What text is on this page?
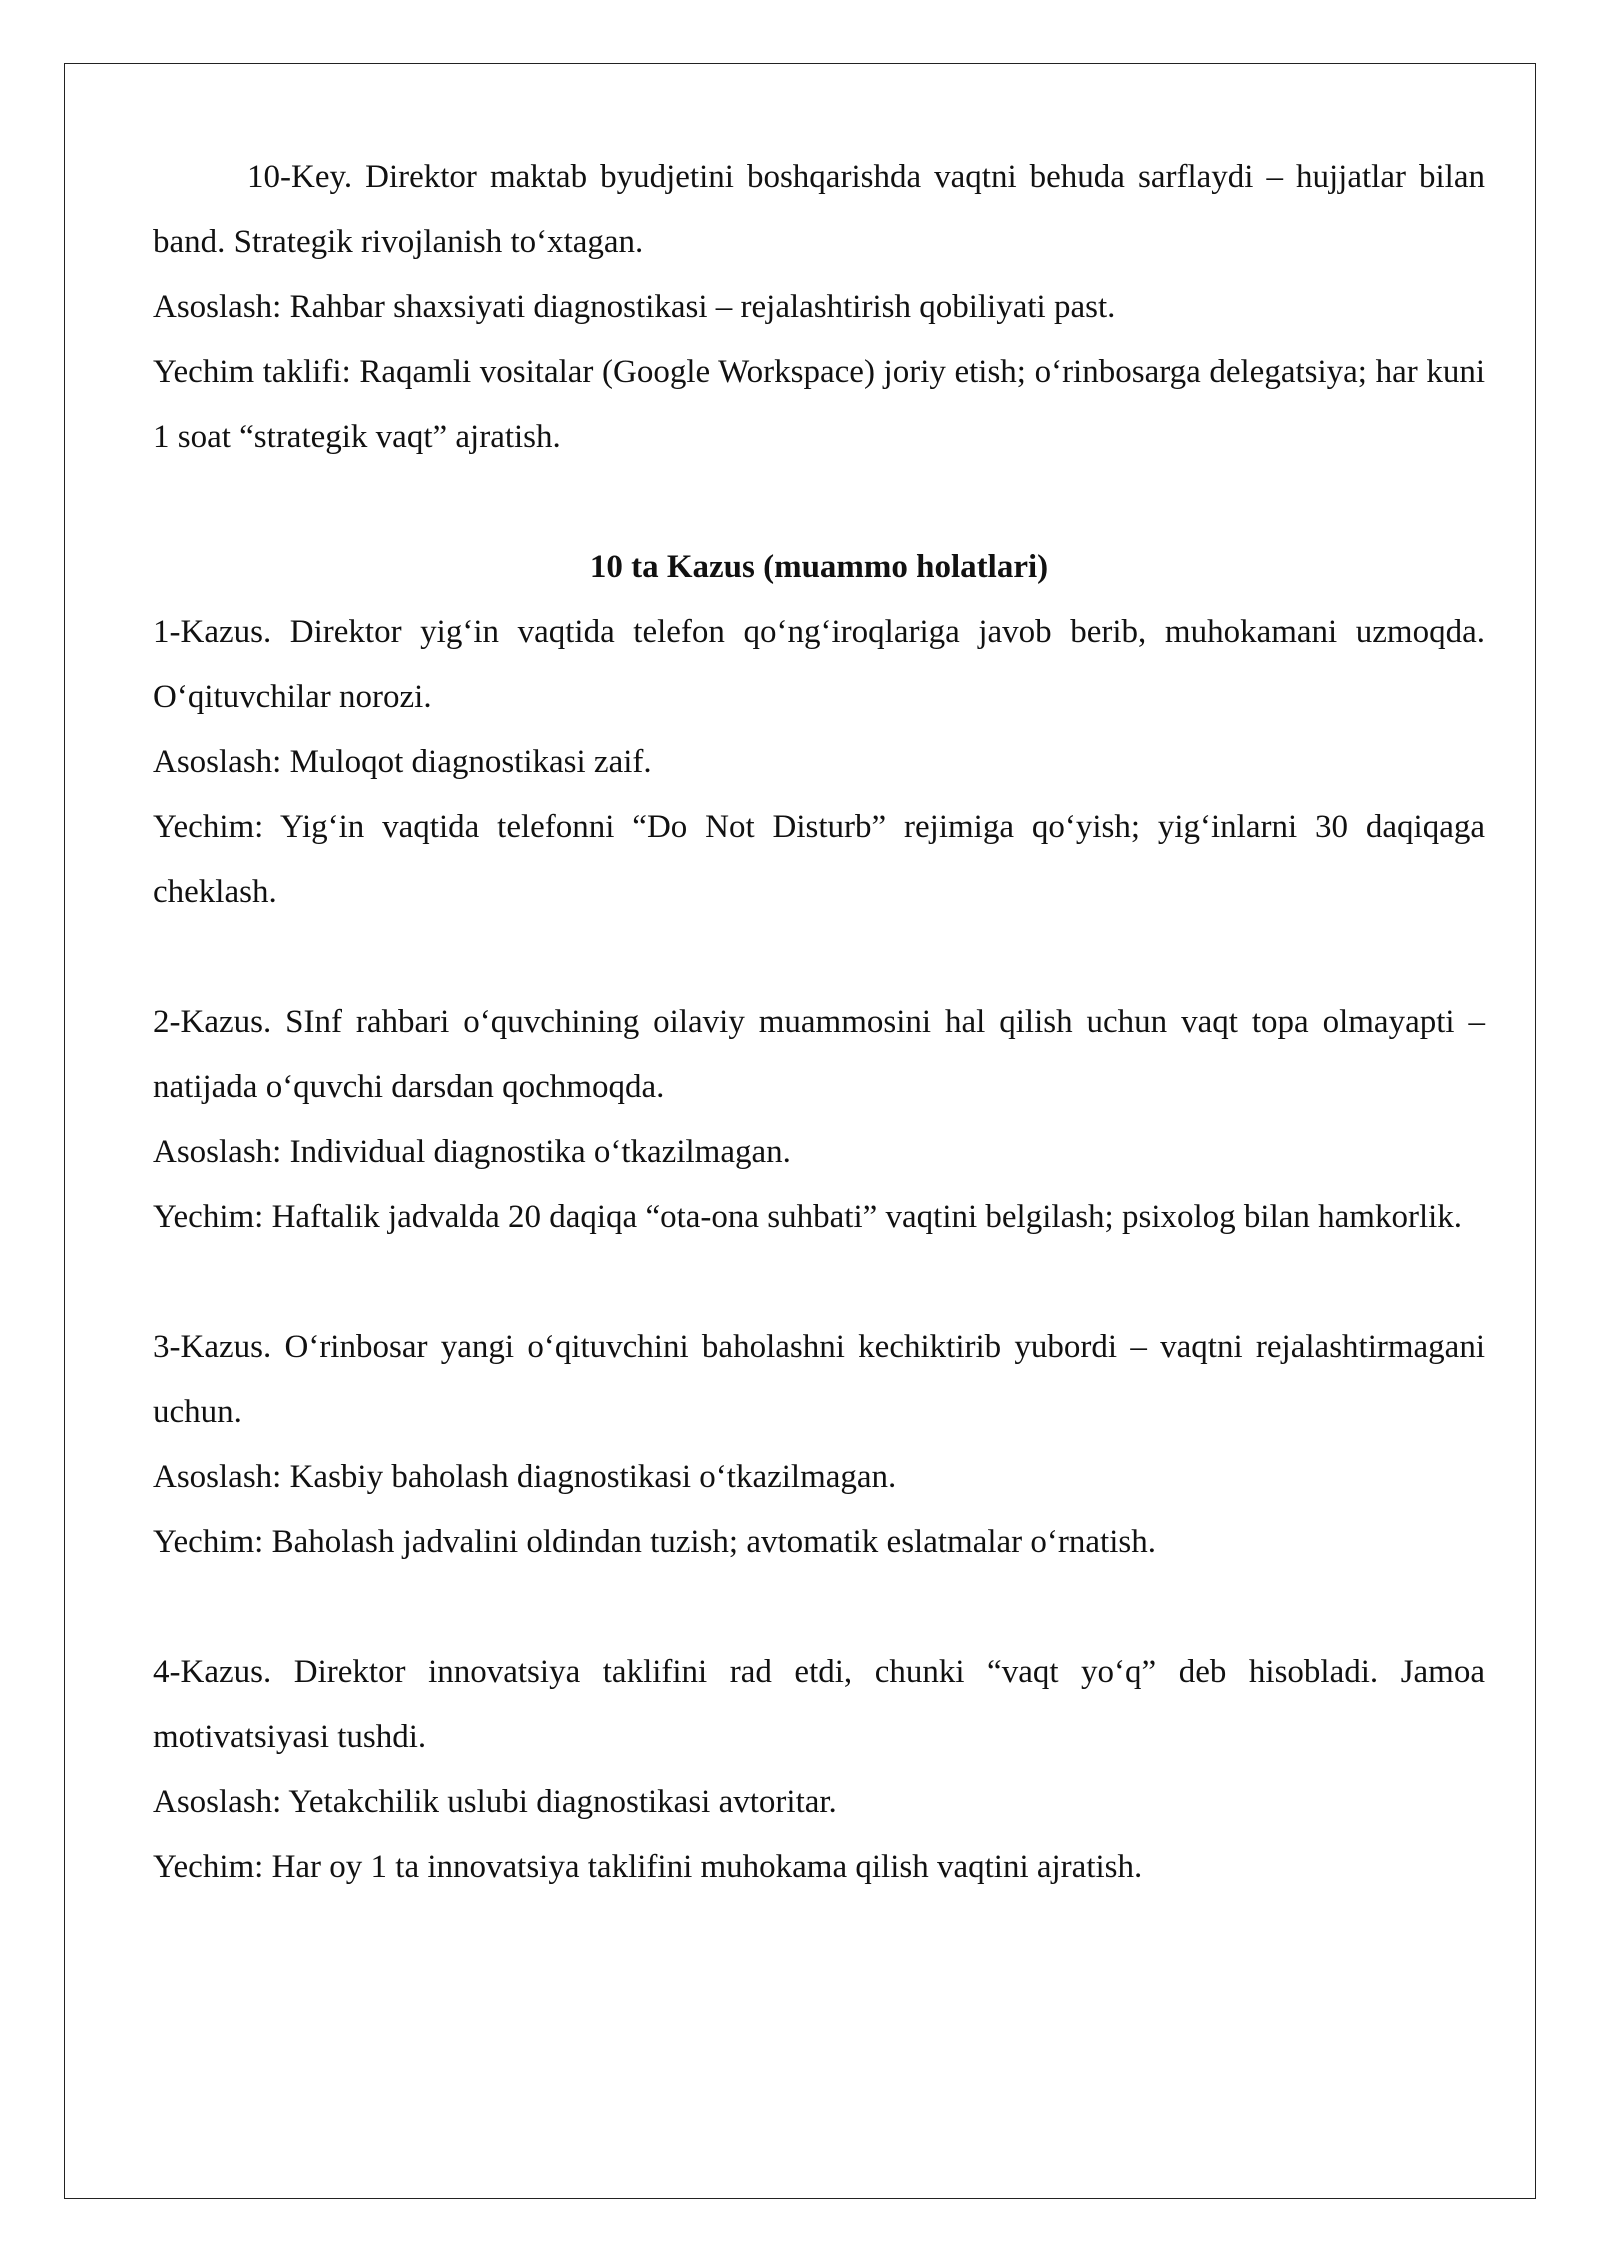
10-Key. Direktor maktab byudjetini boshqarishda vaqtni behuda sarflaydi – hujjatlar bilan band. Strategik rivojlanish to‘xtagan.

Asoslash: Rahbar shaxsiyati diagnostikasi – rejalashtirish qobiliyati past.

Yechim taklifi: Raqamli vositalar (Google Workspace) joriy etish; o‘rinbosarga delegatsiya; har kuni 1 soat “strategik vaqt” ajratish.

10 ta Kazus (muammo holatlari)

1-Kazus. Direktor yig‘in vaqtida telefon qo‘ng‘iroqlariga javob berib, muhokamani uzmoqda. O‘qituvchilar norozi.

Asoslash: Muloqot diagnostikasi zaif.

Yechim: Yig‘in vaqtida telefonni “Do Not Disturb” rejimiga qo‘yish; yig‘inlarni 30 daqiqaga cheklash.

2-Kazus. SInf rahbari o‘quvchining oilaviy muammosini hal qilish uchun vaqt topa olmayapti – natijada o‘quvchi darsdan qochmoqda.

Asoslash: Individual diagnostika o‘tkazilmagan.

Yechim: Haftalik jadvalda 20 daqiqa “ota-ona suhbati” vaqtini belgilash; psixolog bilan hamkorlik.

3-Kazus. O‘rinbosar yangi o‘qituvchini baholashni kechiktirib yubordi – vaqtni rejalashtirmagani uchun.

Asoslash: Kasbiy baholash diagnostikasi o‘tkazilmagan.

Yechim: Baholash jadvalini oldindan tuzish; avtomatik eslatmalar o‘rnatish.

4-Kazus. Direktor innovatsiya taklifini rad etdi, chunki “vaqt yo‘q” deb hisobladi. Jamoa motivatsiyasi tushdi.

Asoslash: Yetakchilik uslubi diagnostikasi avtoritar.

Yechim: Har oy 1 ta innovatsiya taklifini muhokama qilish vaqtini ajratish.
